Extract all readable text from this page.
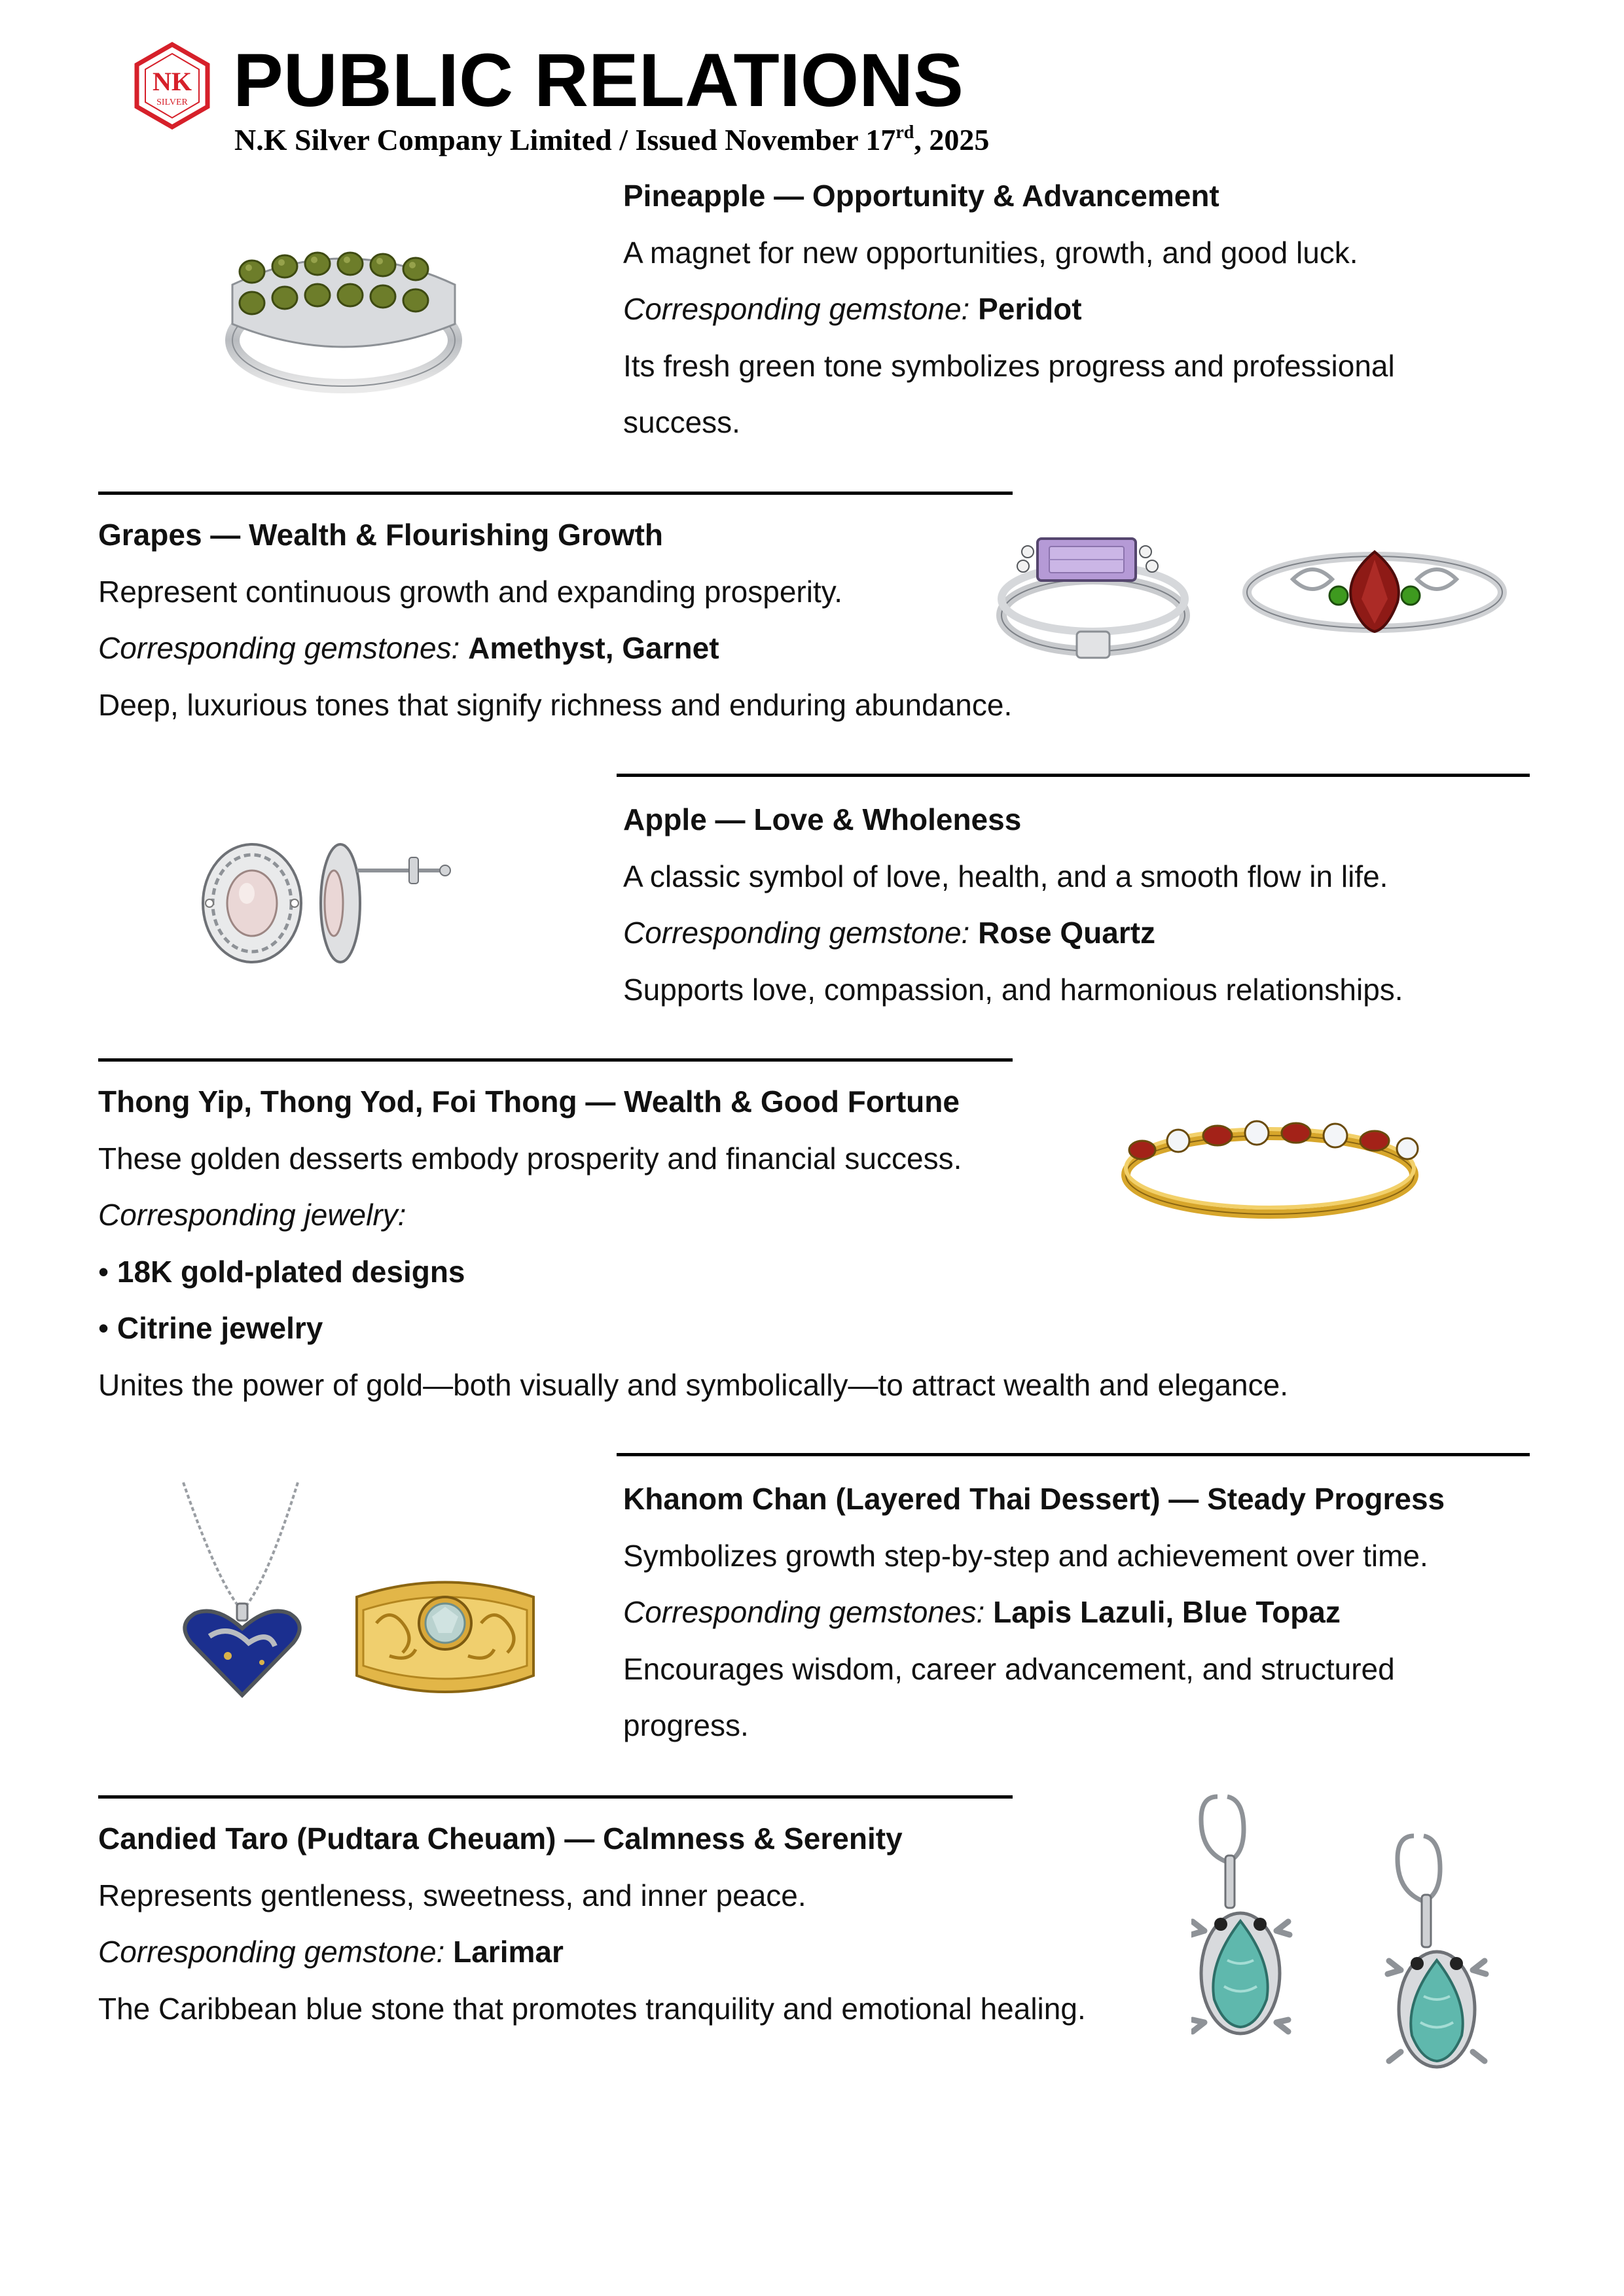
NK
SILVER PUBLIC RELATIONS
N.K Silver Company Limited / Issued November 17rd, 2025
Pineapple — Opportunity & Advancement
A magnet for new opportunities, growth, and good luck.
Corresponding gemstone: Peridot
Its fresh green tone symbolizes progress and professional
success.
Grapes — Wealth & Flourishing Growth
Represent continuous growth and expanding prosperity.
Corresponding gemstones: Amethyst, Garnet
Deep, luxurious tones that signify richness and enduring abundance.
Apple — Love & Wholeness
A classic symbol of love, health, and a smooth flow in life.
Corresponding gemstone: Rose Quartz
Supports love, compassion, and harmonious relationships.
Thong Yip, Thong Yod, Foi Thong — Wealth & Good Fortune
These golden desserts embody prosperity and financial success.
Corresponding jewelry:
• 18K gold-plated designs
• Citrine jewelry
Unites the power of gold—both visually and symbolically—to attract wealth and elegance.
Khanom Chan (Layered Thai Dessert) — Steady Progress
Symbolizes growth step-by-step and achievement over time.
Corresponding gemstones: Lapis Lazuli, Blue Topaz
Encourages wisdom, career advancement, and structured
progress.
Candied Taro (Pudtara Cheuam) — Calmness & Serenity
Represents gentleness, sweetness, and inner peace.
Corresponding gemstone: Larimar
The Caribbean blue stone that promotes tranquility and emotional healing.
